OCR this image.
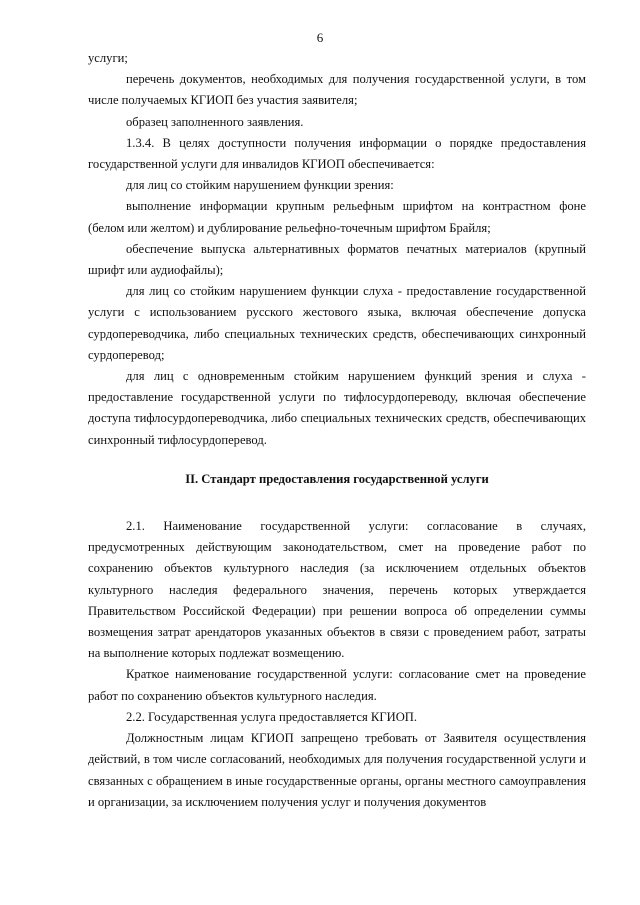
6

услуги;

перечень документов, необходимых для получения государственной услуги, в том числе получаемых КГИОП без участия заявителя;

образец заполненного заявления.

1.3.4. В целях доступности получения информации о порядке предоставления государственной услуги для инвалидов КГИОП обеспечивается:

для лиц со стойким нарушением функции зрения:

выполнение информации крупным рельефным шрифтом на контрастном фоне (белом или желтом) и дублирование рельефно-точечным шрифтом Брайля;

обеспечение выпуска альтернативных форматов печатных материалов (крупный шрифт или аудиофайлы);

для лиц со стойким нарушением функции слуха - предоставление государственной услуги с использованием русского жестового языка, включая обеспечение допуска сурдопереводчика, либо специальных технических средств, обеспечивающих синхронный сурдоперевод;

для лиц с одновременным стойким нарушением функций зрения и слуха - предоставление государственной услуги по тифлосурдопереводу, включая обеспечение доступа тифлосурдопереводчика, либо специальных технических средств, обеспечивающих синхронный тифлосурдоперевод.

II. Стандарт предоставления государственной услуги

2.1. Наименование государственной услуги: согласование в случаях, предусмотренных действующим законодательством, смет на проведение работ по сохранению объектов культурного наследия (за исключением отдельных объектов культурного наследия федерального значения, перечень которых утверждается Правительством Российской Федерации) при решении вопроса об определении суммы возмещения затрат арендаторов указанных объектов в связи с проведением работ, затраты на выполнение которых подлежат возмещению.

Краткое наименование государственной услуги: согласование смет на проведение работ по сохранению объектов культурного наследия.

2.2. Государственная услуга предоставляется КГИОП.

Должностным лицам КГИОП запрещено требовать от Заявителя осуществления действий, в том числе согласований, необходимых для получения государственной услуги и связанных с обращением в иные государственные органы, органы местного самоуправления и организации, за исключением получения услуг и получения документов
